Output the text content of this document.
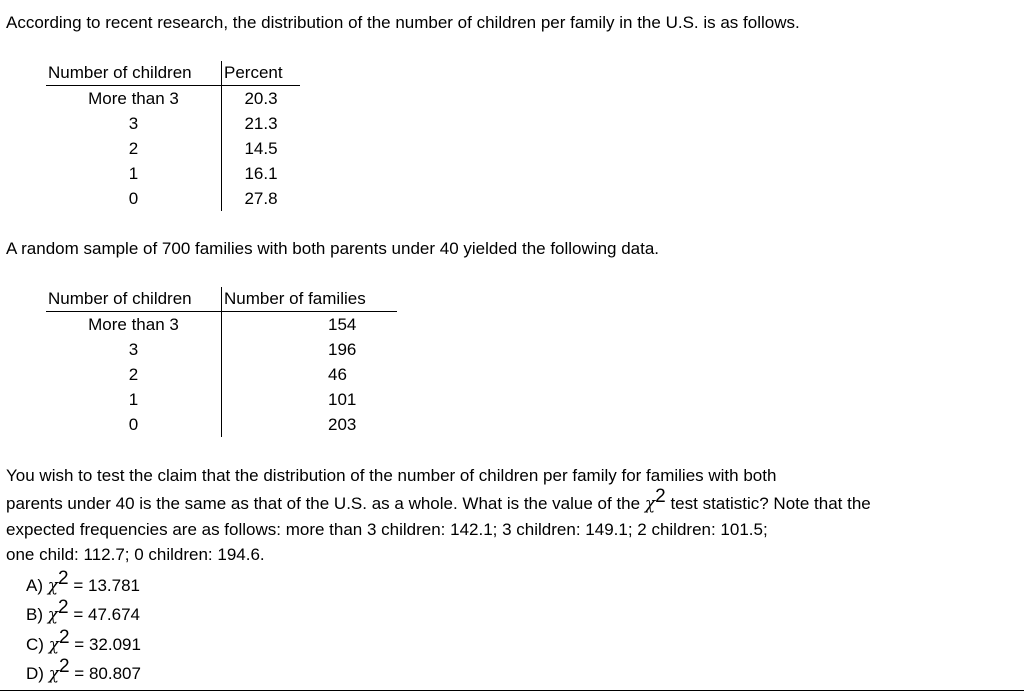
According to recent research, the distribution of the number of children per family in the U.S. is as follows.
Number of children	Percent
More than 3	20.3
3	21.3
2	14.5
1	16.1
0	27.8
A random sample of 700 families with both parents under 40 yielded the following data.
Number of children	Number of families
More than 3	154
3	196
2	46
1	101
0	203
You wish to test the claim that the distribution of the number of children per family for families with both
parents under 40 is the same as that of the U.S. as a whole. What is the value of the χ2 test statistic? Note that the
expected frequencies are as follows: more than 3 children: 142.1; 3 children: 149.1; 2 children: 101.5;
one child: 112.7; 0 children: 194.6.
A) χ2 = 13.781
B) χ2 = 47.674
C) χ2 = 32.091
D) χ2 = 80.807
